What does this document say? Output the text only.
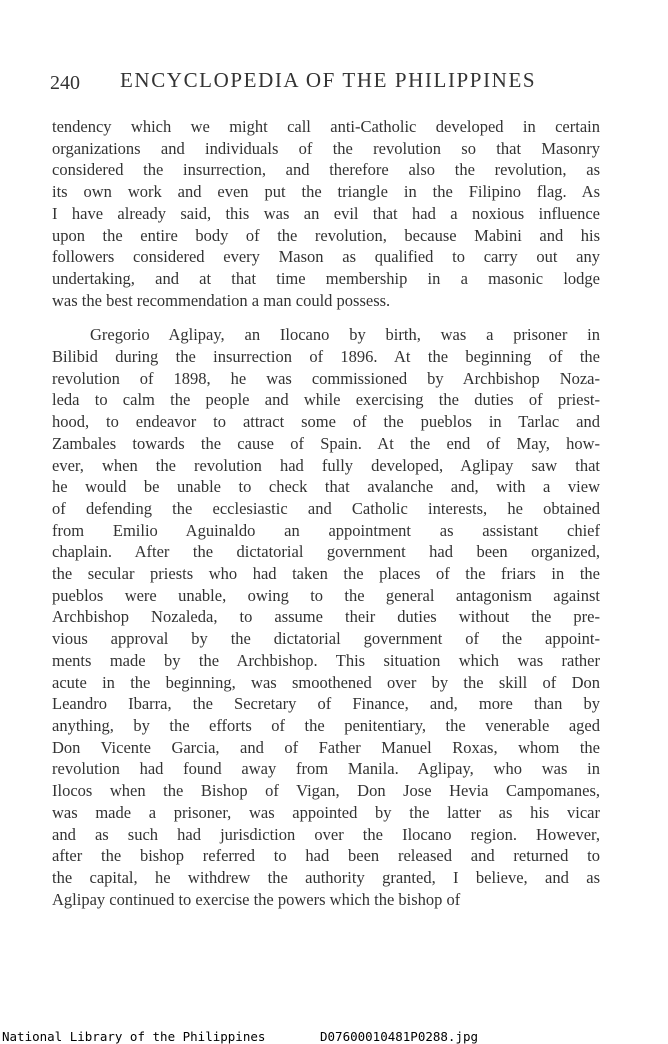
240 ENCYCLOPEDIA OF THE PHILIPPINES

tendency which we might call anti-Catholic developed in certain
organizations and individuals of the revolution so that Masonry
considered the insurrection, and therefore also the revolution, as
its own work and even put the triangle in the Filipino flag. As
I have already said, this was an evil that had a noxious influence
upon the entire body of the revolution, because Mabini and his
followers considered every Mason as qualified to carry out any
undertaking, and at that time membership in a masonic lodge
was the best recommendation a man could possess.

Gregorio Aglipay, an Ilocano by birth, was a prisoner in
Bilibid during the insurrection of 1896. At the beginning of the
revolution of 1898, he was commissioned by Archbishop Noza-
leda to calm the people and while exercising the duties of priest-
hood, to endeavor to attract some of the pueblos in Tarlac and
Zambales towards the cause of Spain. At the end of May, how-
ever, when the revolution had fully developed, Aglipay saw that
he would be unable to check that avalanche and, with a view
of defending the ecclesiastic and Catholic interests, he obtained
from Emilio Aguinaldo an appointment as assistant chief
chaplain. After the dictatorial government had been organized,
the secular priests who had taken the places of the friars in the
pueblos were unable, owing to the general antagonism against
Archbishop Nozaleda, to assume their duties without the pre-
vious approval by the dictatorial government of the appoint-
ments made by the Archbishop. This situation which was rather
acute in the beginning, was smoothened over by the skill of Don
Leandro Ibarra, the Secretary of Finance, and, more than by
anything, by the efforts of the penitentiary, the venerable aged
Don Vicente Garcia, and of Father Manuel Roxas, whom the
revolution had found away from Manila. Aglipay, who was in
Ilocos when the Bishop of Vigan, Don Jose Hevia Campomanes,
was made a prisoner, was appointed by the latter as his vicar
and as such had jurisdiction over the Ilocano region. However,
after the bishop referred to had been released and returned to
the capital, he withdrew the authority granted, I believe, and as
Aglipay continued to exercise the powers which the bishop of

National Library of the Philippines	D07600010481P0288.jpg
